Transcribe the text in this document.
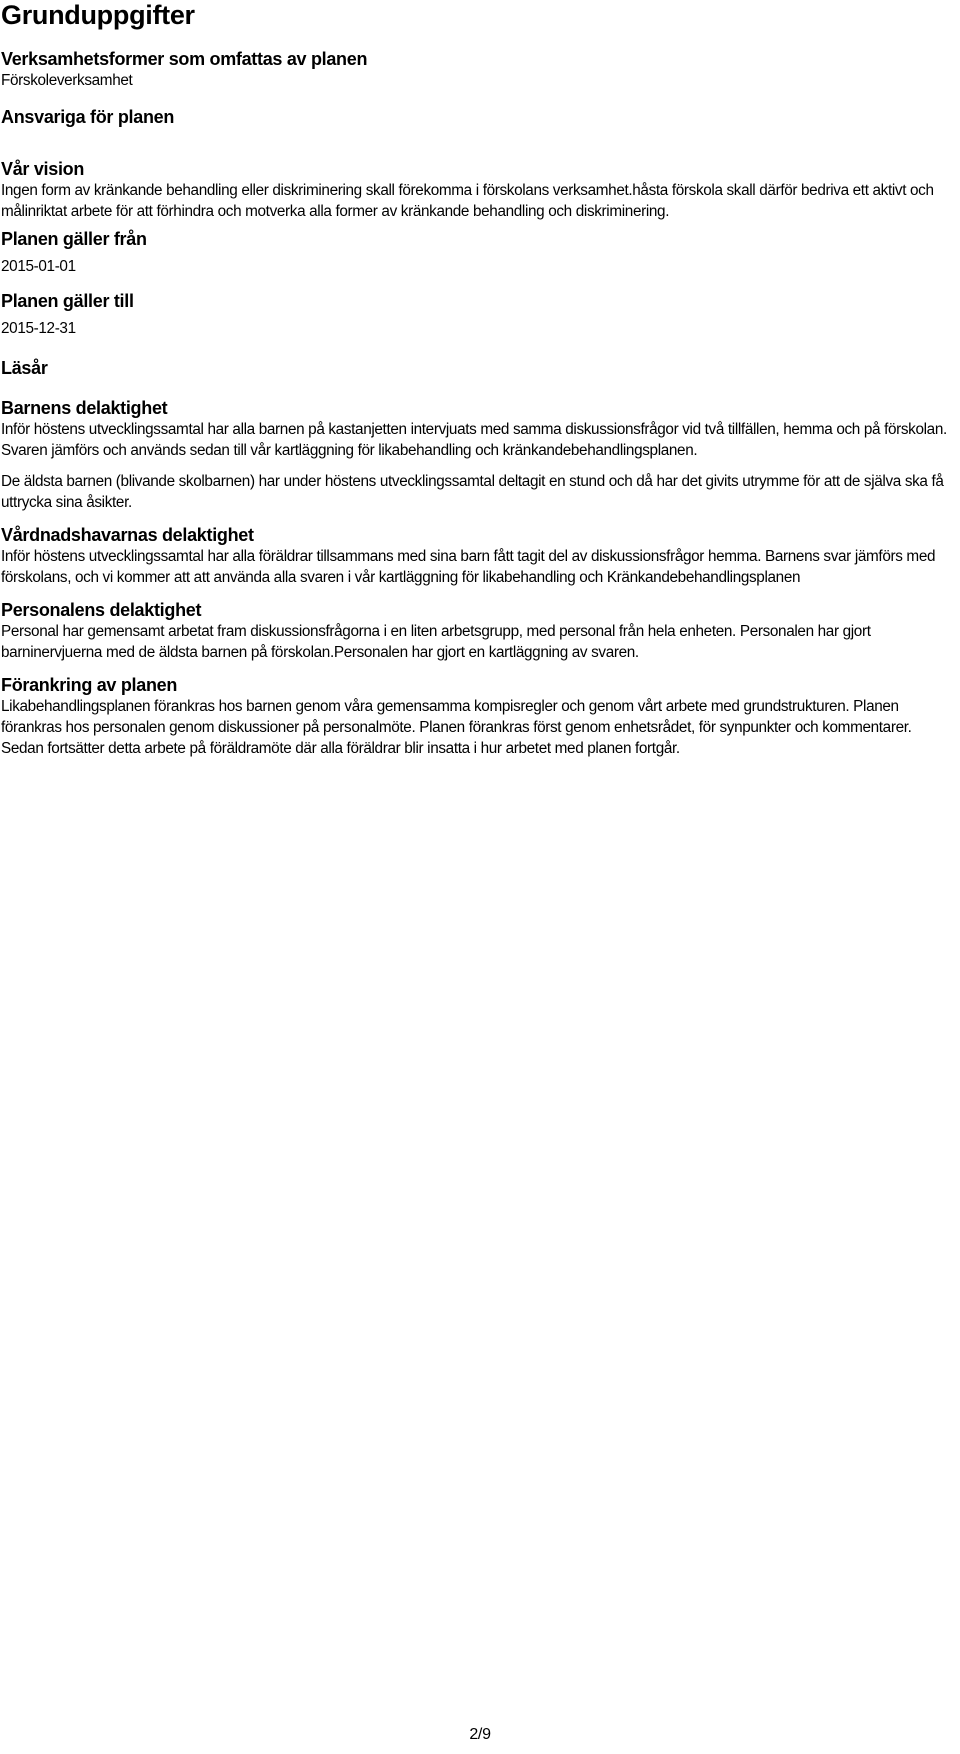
Grunduppgifter
Verksamhetsformer som omfattas av planen

Förskoleverksamhet

Ansvariga för planen
Vår vision

Ingen form av kränkande behandling eller diskriminering skall förekomma i förskolans verksamhet.håsta förskola skall därför bedriva ett aktivt och målinriktat arbete för att förhindra och motverka alla former av kränkande behandling och diskriminering.

Planen gäller från

2015-01-01

Planen gäller till

2015-12-31

Läsår
Barnens delaktighet

Inför höstens utvecklingssamtal har alla barnen på kastanjetten intervjuats med samma diskussionsfrågor vid två tillfällen, hemma och på förskolan. Svaren jämförs och används sedan till vår kartläggning för likabehandling och kränkandebehandlingsplanen.

De äldsta barnen (blivande skolbarnen) har under höstens utvecklingssamtal deltagit en stund och då har det givits utrymme för att de själva ska få uttrycka sina åsikter.

Vårdnadshavarnas delaktighet

Inför höstens utvecklingssamtal har alla föräldrar tillsammans med sina barn fått tagit del av diskussionsfrågor hemma. Barnens svar jämförs med förskolans, och vi kommer att att använda alla svaren i vår kartläggning för likabehandling och Kränkandebehandlingsplanen

Personalens delaktighet

Personal har gemensamt arbetat fram diskussionsfrågorna i en liten arbetsgrupp, med personal från hela enheten. Personalen har gjort barninervjuerna med de äldsta barnen på förskolan.Personalen har gjort en kartläggning av svaren.

Förankring av planen

Likabehandlingsplanen förankras hos barnen genom våra gemensamma kompisregler och genom vårt arbete med grundstrukturen. Planen förankras hos personalen genom diskussioner på personalmöte. Planen förankras först genom enhetsrådet, för synpunkter och kommentarer. Sedan fortsätter detta arbete på föräldramöte där alla föräldrar blir insatta i hur arbetet med planen fortgår.

2/9
